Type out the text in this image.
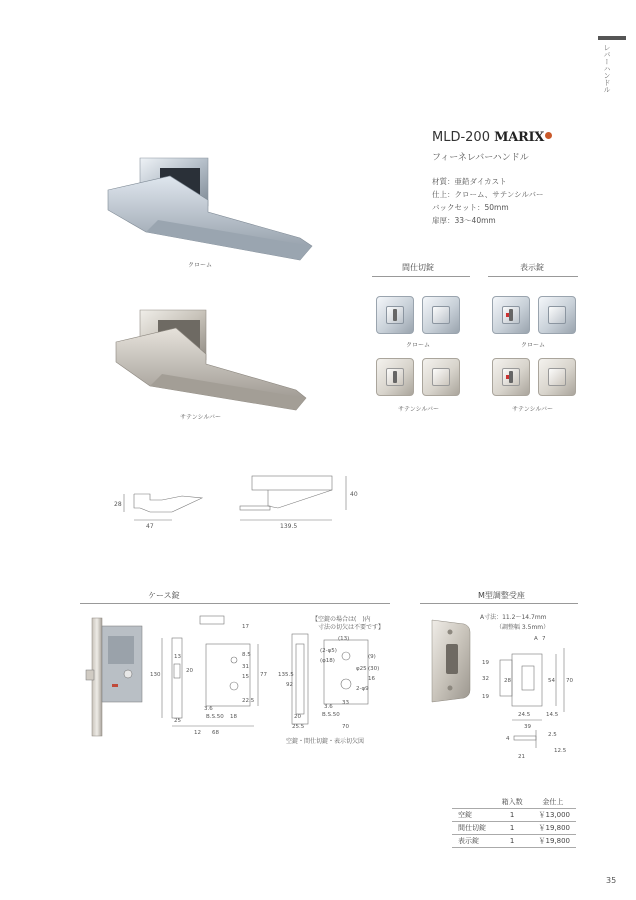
レバーハンドル
MLD-200 MARIX
フィーネレバーハンドル
材質：亜鉛ダイカスト
仕上：クローム、サテンシルバー
バックセット：50mm
扉厚：33〜40mm
クローム
サテンシルバー
間仕切錠	表示錠
クローム
サテンシルバー
クローム
サテンシルバー
28
47	139.5
40
ケース錠
130
13
20
25
12 68
17
8.5
31
15 77
22.5
3.6
B.S.50 18
135.5
92
20
25.5
【空錠の場合は(　)内
寸法の切欠は不要です】
空錠・間仕切錠・表示切欠図
(13)
(2-φ5)
(φ18)
(9)
φ25 (30)
16
2-φ9
3.6
33
B.S.50
70
M型調整受座
A寸法：11.2〜14.7mm
（調整幅 3.5mm）
A 7
19
32
19
28	54 70
24.5	14.5
39
4
2.5
21
12.5
	箱入数	金仕上
空錠	1	￥13,000
間仕切錠	1	￥19,800
表示錠	1	￥19,800
35
